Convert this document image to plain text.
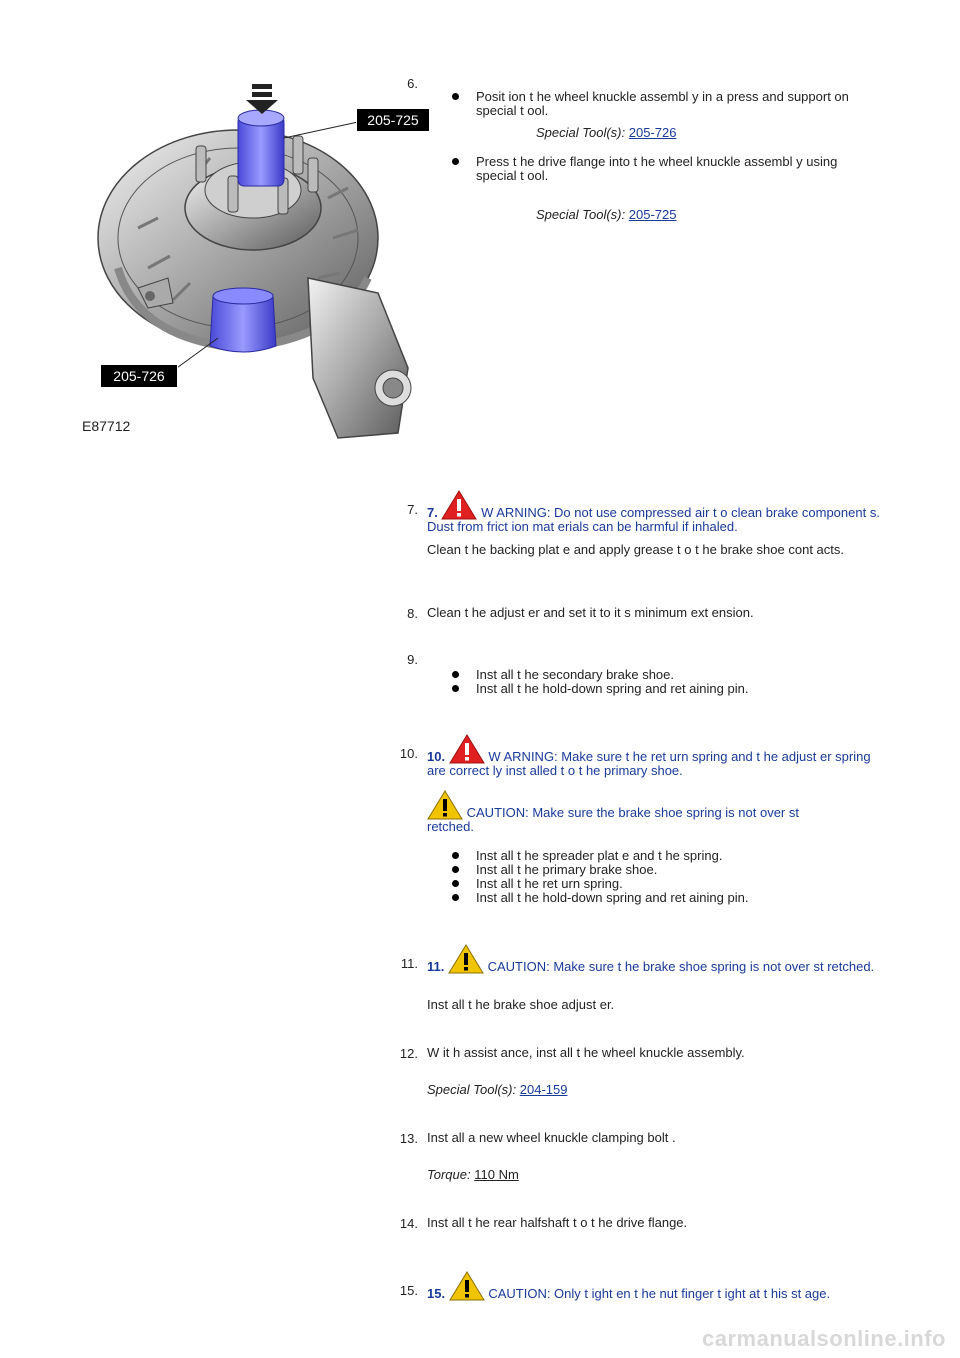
205-725
205-726
E87712
6.
Posit ion t he wheel knuckle assembl y in a press and support on special t ool.
Special Tool(s): 205-726
Press t he drive flange into t he wheel knuckle assembl y using special t ool.
Special Tool(s): 205-725
7. 7.	W ARNING: Do not use compressed air t o clean brake component s. Dust from frict ion mat erials can be harmful if inhaled.
Clean t he backing plat e and apply grease t o t he brake shoe cont acts.
8. Clean t he adjust er and set it to it s minimum ext ension.
9.
Inst all t he secondary brake shoe.
Inst all t he hold-down spring and ret aining pin.
10. 10.	W ARNING: Make sure t he ret urn spring and t he adjust er spring are correct ly inst alled t o t he primary shoe.
CAUTION: Make sure the brake shoe spring is not over st retched.
Inst all t he spreader plat e and t he spring.
Inst all t he primary brake shoe.
Inst all t he ret urn spring.
Inst all t he hold-down spring and ret aining pin.
11. 11.	CAUTION: Make sure t he brake shoe spring is not over st retched.
Inst all t he brake shoe adjust er.
12. W it h assist ance, inst all t he wheel knuckle assembly.
Special Tool(s): 204-159
13. Inst all a new wheel knuckle clamping bolt .
Torque: 110 Nm
14. Inst all t he rear halfshaft t o t he drive flange.
15. 15.	CAUTION: Only t ight en t he nut finger t ight at t his st age.
carmanualsonline.info
